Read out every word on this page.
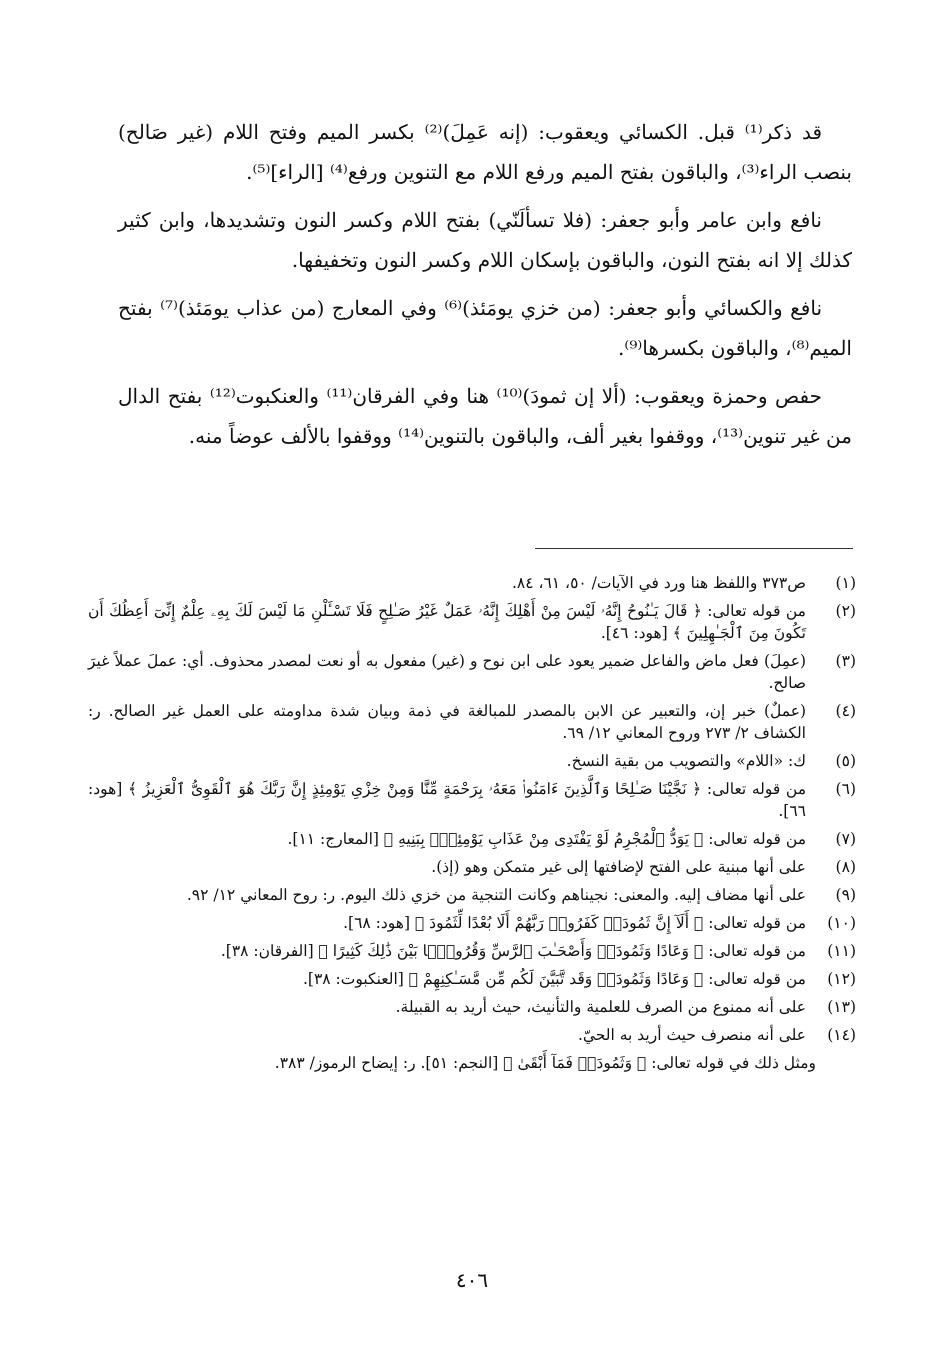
قد ذكر⁽¹⁾ قبل. الكسائي ويعقوب: (إنه عَمِلَ)⁽²⁾ بكسر الميم وفتح اللام (غير صَالح) بنصب الراء⁽³⁾، والباقون بفتح الميم ورفع اللام مع التنوين ورفع⁽⁴⁾ [الراء]⁽⁵⁾.

نافع وابن عامر وأبو جعفر: (فلا تسألَنّي) بفتح اللام وكسر النون وتشديدها، وابن كثير كذلك إلا انه بفتح النون، والباقون بإسكان اللام وكسر النون وتخفيفها.

نافع والكسائي وأبو جعفر: (من خزي يومَئذ)⁽⁶⁾ وفي المعارج (من عذاب يومَئذ)⁽⁷⁾ بفتح الميم⁽⁸⁾، والباقون بكسرها⁽⁹⁾.

حفص وحمزة ويعقوب: (ألا إن ثمودَ)⁽¹⁰⁾ هنا وفي الفرقان⁽¹¹⁾ والعنكبوت⁽¹²⁾ بفتح الدال من غير تنوين⁽¹³⁾، ووقفوا بغير ألف، والباقون بالتنوين⁽¹⁴⁾ ووقفوا بالألف عوضاً منه.

(١)
ص٣٧٣ واللفظ هنا ورد في الآيات/ ٥٠، ٦١، ٨٤.
(٢)
من قوله تعالى: ﴿ قَالَ يَـٰنُوحُ إِنَّهُۥ لَيْسَ مِنْ أَهْلِكَ إِنَّهُۥ عَمَلٌ غَيْرُ صَـٰلِحٍ فَلَا تَسْـَٔلْنِ مَا لَيْسَ لَكَ بِهِۦ عِلْمٌ إِنِّىٓ أَعِظُكَ أَن تَكُونَ مِنَ ٱلْجَـٰهِلِينَ ﴾ [هود: ٤٦].
(٣)
(عمِلَ) فعل ماض والفاعل ضمير يعود على ابن نوح و (غير) مفعول به أو نعت لمصدر محذوف. أي: عملَ عملاً غيرَ صالح.
(٤)
(عملٌ) خبر إن، والتعبير عن الابن بالمصدر للمبالغة في ذمة وبيان شدة مداومته على العمل غير الصالح. ر: الكشاف ٢/ ٢٧٣ وروح المعاني ١٢/ ٦٩.
(٥)
ك: «اللام» والتصويب من بقية النسخ.
(٦)
من قوله تعالى: ﴿ نَجَّيْنَا صَـٰلِحًا وَٱلَّذِينَ ءَامَنُوا۟ مَعَهُۥ بِرَحْمَةٍ مِّنَّا وَمِنْ خِزْىِ يَوْمِئِذٍ إِنَّ رَبَّكَ هُوَ ٱلْقَوِىُّ ٱلْعَزِيزُ ﴾ [هود: ٦٦].
(٧)
من قوله تعالى: ﴿ يَوَدُّ ٱلْمُجْرِمُ لَوْ يَفْتَدِى مِنْ عَذَابِ يَوْمِئِذٍۭ بِبَنِيهِ ﴾ [المعارج: ١١].
(٨)
على أنها مبنية على الفتح لإضافتها إلى غير متمكن وهو (إذ).
(٩)
على أنها مضاف إليه. والمعنى: نجيناهم وكانت التنجية من خزي ذلك اليوم. ر: روح المعاني ١٢/ ٩٢.
(١٠)
من قوله تعالى: ﴿ أَلَآ إِنَّ ثَمُودَا۟ كَفَرُوا۟ رَبَّهُمْ أَلَا بُعْدًا لِّثَمُودَ ﴾ [هود: ٦٨].
(١١)
من قوله تعالى: ﴿ وَعَادًا وَثَمُودَا۟ وَأَصْحَـٰبَ ٱلرَّسِّ وَقُرُونًۢا بَيْنَ ذَٰلِكَ كَثِيرًا ﴾ [الفرقان: ٣٨].
(١٢)
من قوله تعالى: ﴿ وَعَادًا وَثَمُودَا۟ وَقَد تَّبَيَّنَ لَكُم مِّن مَّسَـٰكِنِهِمْ ﴾ [العنكبوت: ٣٨].
(١٣)
على أنه ممنوع من الصرف للعلمية والتأنيث، حيث أريد به القبيلة.
(١٤)
على أنه منصرف حيث أريد به الحيّ.
ومثل ذلك في قوله تعالى: ﴿ وَثَمُودَا۟ فَمَآ أَبْقَىٰ ﴾ [النجم: ٥١]. ر: إيضاح الرموز/ ٣٨٣.
٤٠٦
